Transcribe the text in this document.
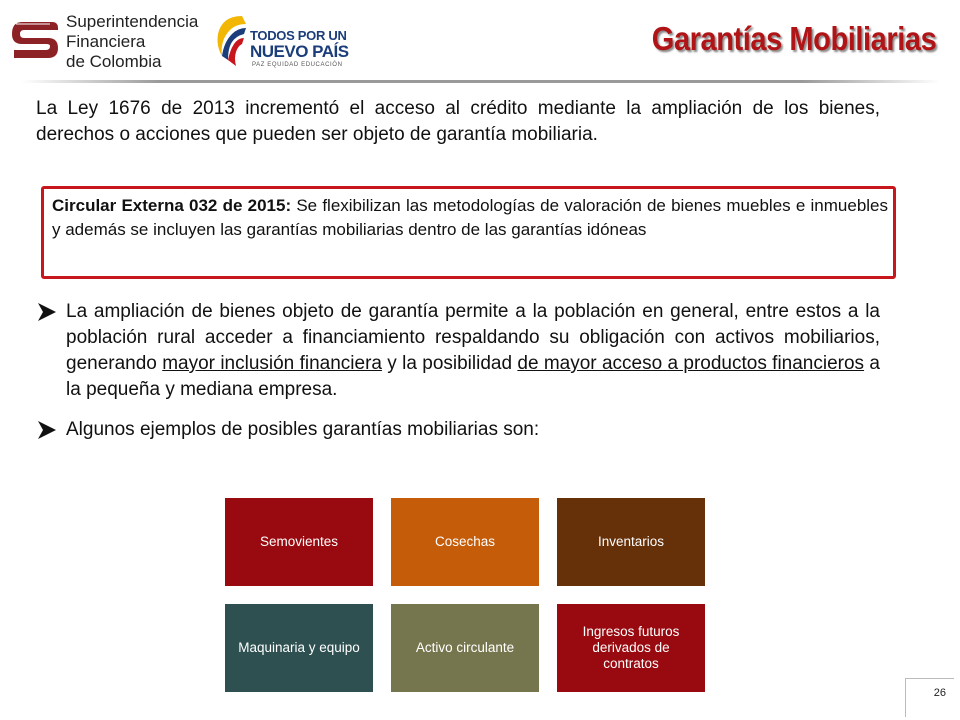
Superintendencia
Financiera
de Colombia
TODOS POR UN
NUEVO PAÍS
PAZ EQUIDAD EDUCACIÓN
Garantías Mobiliarias
La Ley 1676 de 2013 incrementó el acceso al crédito mediante la ampliación de los bienes, derechos o acciones que pueden ser objeto de garantía mobiliaria.
Circular Externa 032 de 2015: Se flexibilizan las metodologías de valoración de bienes muebles e inmuebles y además se incluyen las garantías mobiliarias dentro de las garantías idóneas
La ampliación de bienes objeto de garantía permite a la población en general, entre estos a la población rural acceder a financiamiento respaldando su obligación con activos mobiliarios, generando mayor inclusión financiera y la posibilidad de mayor acceso a productos financieros a la pequeña y mediana empresa.
Algunos ejemplos de posibles garantías mobiliarias son:
Semovientes	Cosechas	Inventarios
Maquinaria y equipo	Activo circulante
Ingresos futuros derivados de contratos
26
